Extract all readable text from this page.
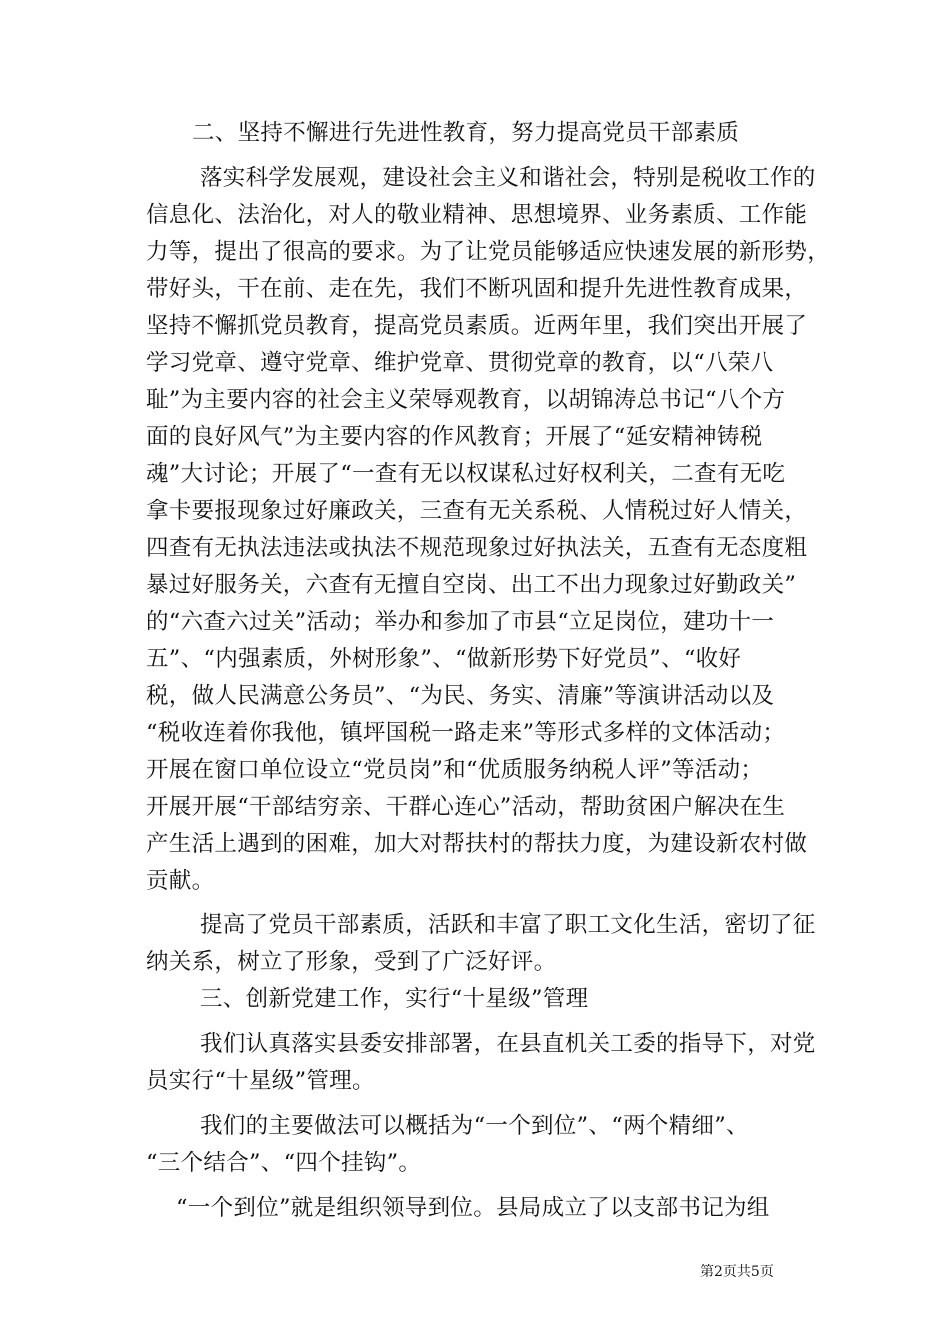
二、坚持不懈进行先进性教育，努力提高党员干部素质
落实科学发展观，建设社会主义和谐社会，特别是税收工作的
信息化、法治化，对人的敬业精神、思想境界、业务素质、工作能
力等，提出了很高的要求。为了让党员能够适应快速发展的新形势，
带好头，干在前、走在先，我们不断巩固和提升先进性教育成果，
坚持不懈抓党员教育，提高党员素质。近两年里，我们突出开展了
学习党章、遵守党章、维护党章、贯彻党章的教育，以“八荣八
耻”为主要内容的社会主义荣辱观教育，以胡锦涛总书记“八个方
面的良好风气”为主要内容的作风教育；开展了“延安精神铸税
魂”大讨论；开展了“一查有无以权谋私过好权利关，二查有无吃
拿卡要报现象过好廉政关，三查有无关系税、人情税过好人情关，
四查有无执法违法或执法不规范现象过好执法关，五查有无态度粗
暴过好服务关，六查有无擅自空岗、出工不出力现象过好勤政关”
的“六查六过关”活动；举办和参加了市县“立足岗位，建功十一
五”、“内强素质，外树形象”、“做新形势下好党员”、“收好
税，做人民满意公务员”、“为民、务实、清廉”等演讲活动以及
“税收连着你我他，镇坪国税一路走来”等形式多样的文体活动；
开展在窗口单位设立“党员岗”和“优质服务纳税人评”等活动；
开展开展“干部结穷亲、干群心连心”活动，帮助贫困户解决在生
产生活上遇到的困难，加大对帮扶村的帮扶力度，为建设新农村做
贡献。
提高了党员干部素质，活跃和丰富了职工文化生活，密切了征
纳关系，树立了形象，受到了广泛好评。
三、创新党建工作，实行“十星级”管理
我们认真落实县委安排部署，在县直机关工委的指导下，对党
员实行“十星级”管理。
我们的主要做法可以概括为“一个到位”、“两个精细”、
“三个结合”、“四个挂钩”。
“一个到位”就是组织领导到位。县局成立了以支部书记为组
第2页共5页
